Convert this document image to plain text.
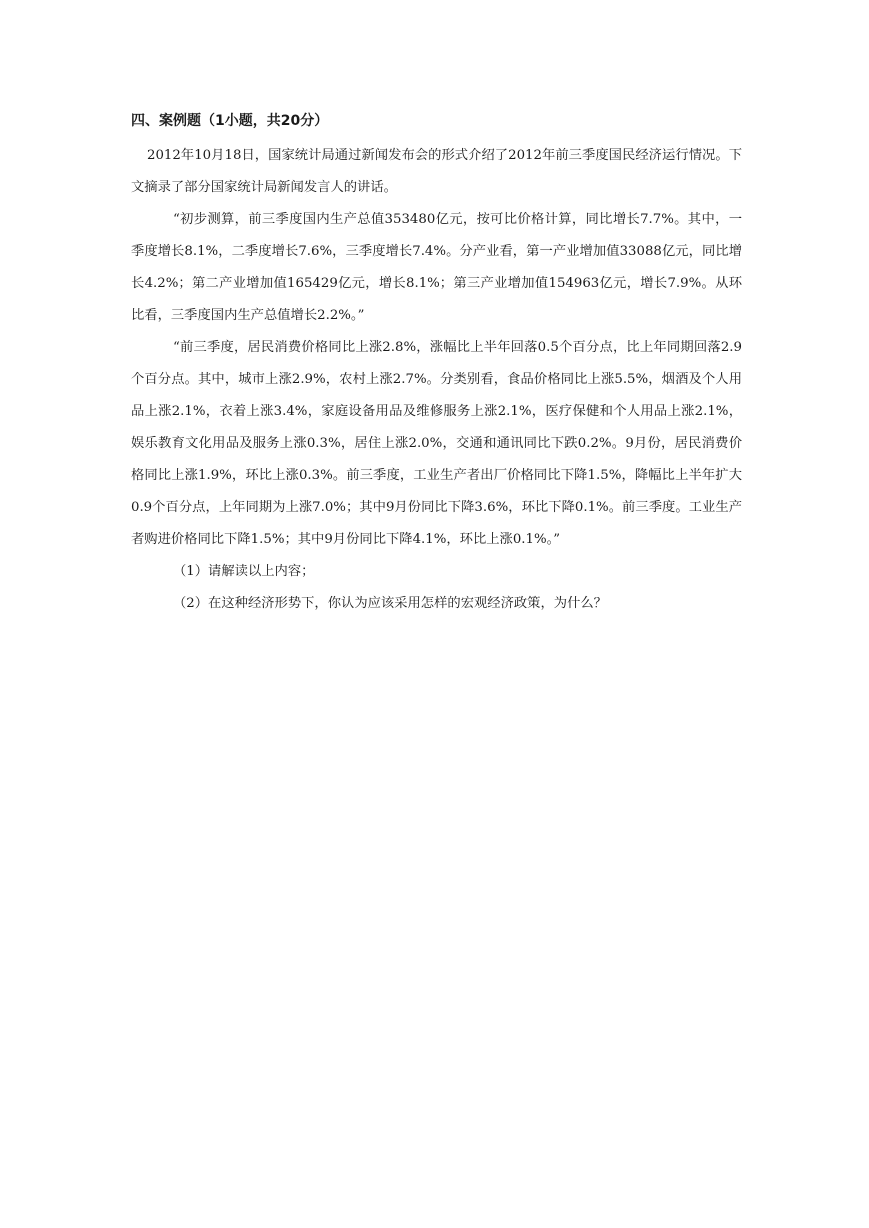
四、案例题（1小题，共20分）

2012年10月18日，国家统计局通过新闻发布会的形式介绍了2012年前三季度国民经济运行情况。下文摘录了部分国家统计局新闻发言人的讲话。

“初步测算，前三季度国内生产总值353480亿元，按可比价格计算，同比增长7.7%。其中，一季度增长8.1%，二季度增长7.6%，三季度增长7.4%。分产业看，第一产业增加值33088亿元，同比增长4.2%；第二产业增加值165429亿元，增长8.1%；第三产业增加值154963亿元，增长7.9%。从环比看，三季度国内生产总值增长2.2%。”

“前三季度，居民消费价格同比上涨2.8%，涨幅比上半年回落0.5个百分点，比上年同期回落2.9个百分点。其中，城市上涨2.9%，农村上涨2.7%。分类别看，食品价格同比上涨5.5%，烟酒及个人用品上涨2.1%，衣着上涨3.4%，家庭设备用品及维修服务上涨2.1%，医疗保健和个人用品上涨2.1%，娱乐教育文化用品及服务上涨0.3%，居住上涨2.0%，交通和通讯同比下跌0.2%。9月份，居民消费价格同比上涨1.9%，环比上涨0.3%。前三季度，工业生产者出厂价格同比下降1.5%，降幅比上半年扩大0.9个百分点，上年同期为上涨7.0%；其中9月份同比下降3.6%，环比下降0.1%。前三季度。工业生产者购进价格同比下降1.5%；其中9月份同比下降4.1%，环比上涨0.1%。”

（1）请解读以上内容；

（2）在这种经济形势下，你认为应该采用怎样的宏观经济政策，为什么？
